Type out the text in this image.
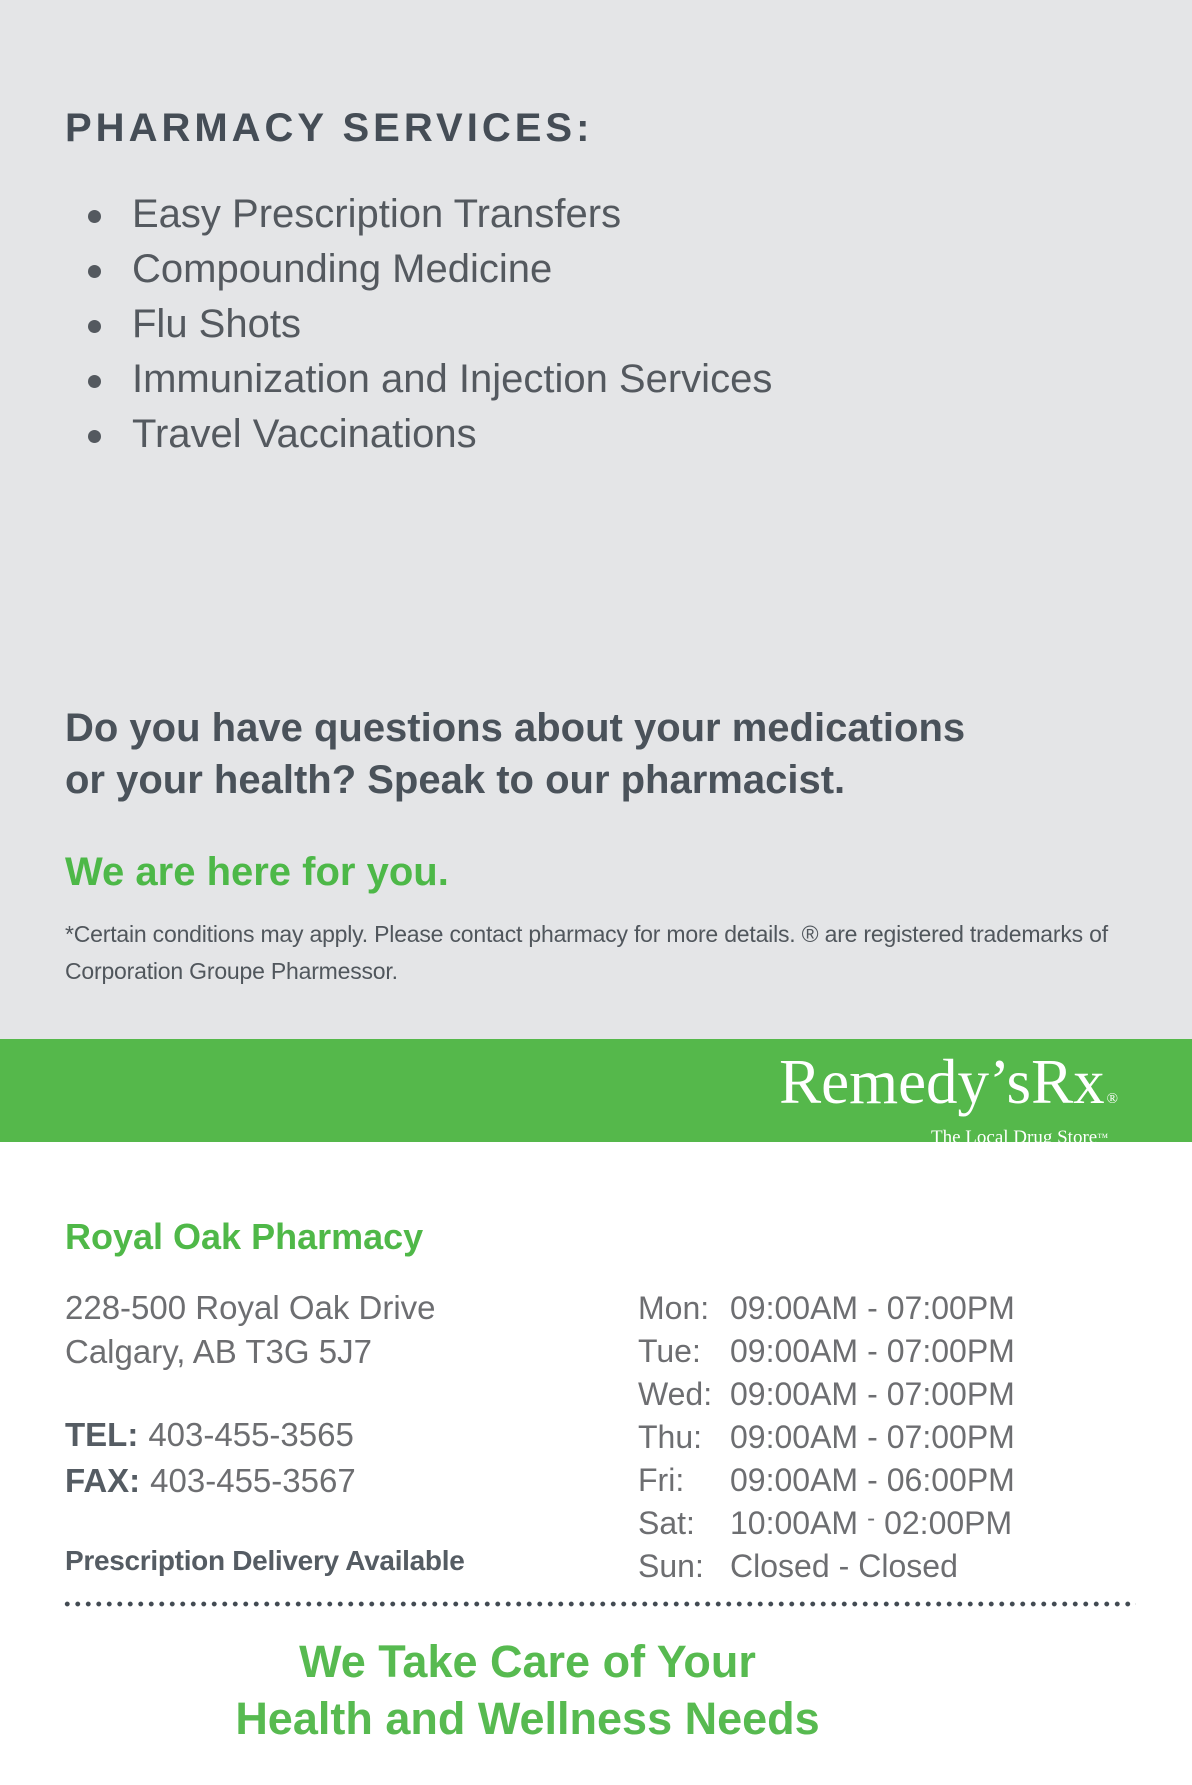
PHARMACY SERVICES:
Easy Prescription Transfers
Compounding Medicine
Flu Shots
Immunization and Injection Services
Travel Vaccinations
Do you have questions about your medications
or your health? Speak to our pharmacist.
We are here for you.
*Certain conditions may apply. Please contact pharmacy for more details. ® are registered trademarks of
Corporation Groupe Pharmessor.
Remedy’sRx ®
The Local Drug Store™
Royal Oak Pharmacy
228-500 Royal Oak Drive
Calgary, AB T3G 5J7
TEL: 403-455-3565
FAX: 403-455-3567
Prescription Delivery Available
Mon: 09:00AM - 07:00PM
Tue: 09:00AM - 07:00PM
Wed: 09:00AM - 07:00PM
Thu: 09:00AM - 07:00PM
Fri:	09:00AM - 06:00PM
Sat:	10:00AM - 02:00PM
Sun: Closed - Closed
We Take Care of Your
Health and Wellness Needs
